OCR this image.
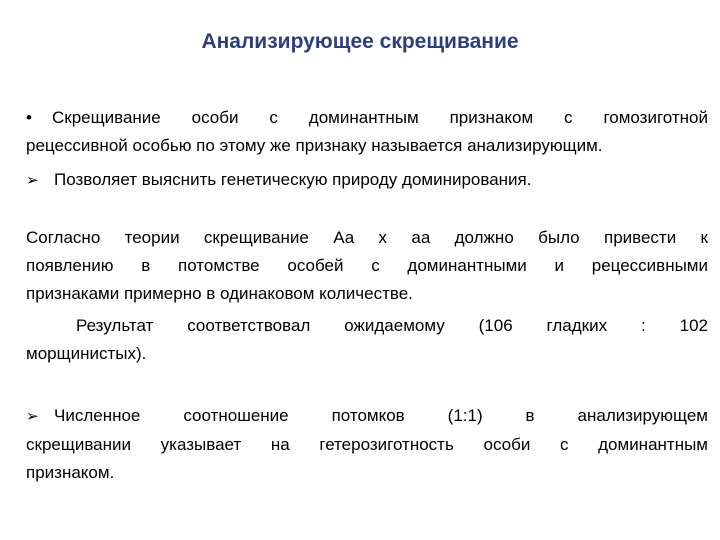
Анализирующее скрещивание
• Скрещивание особи с доминантным признаком с гомозиготной
рецессивной особью по этому же признаку называется анализирующим.
➢ Позволяет выяснить генетическую природу доминирования.
Согласно теории скрещивание Аа х аа должно было привести к
появлению в потомстве особей с доминантными и рецессивными
признаками примерно в одинаковом количестве.
Результат соответствовал ожидаемому (106 гладких : 102
морщинистых).
➢ Численное соотношение потомков (1:1) в анализирующем
скрещивании указывает на гетерозиготность особи с доминантным
признаком.
